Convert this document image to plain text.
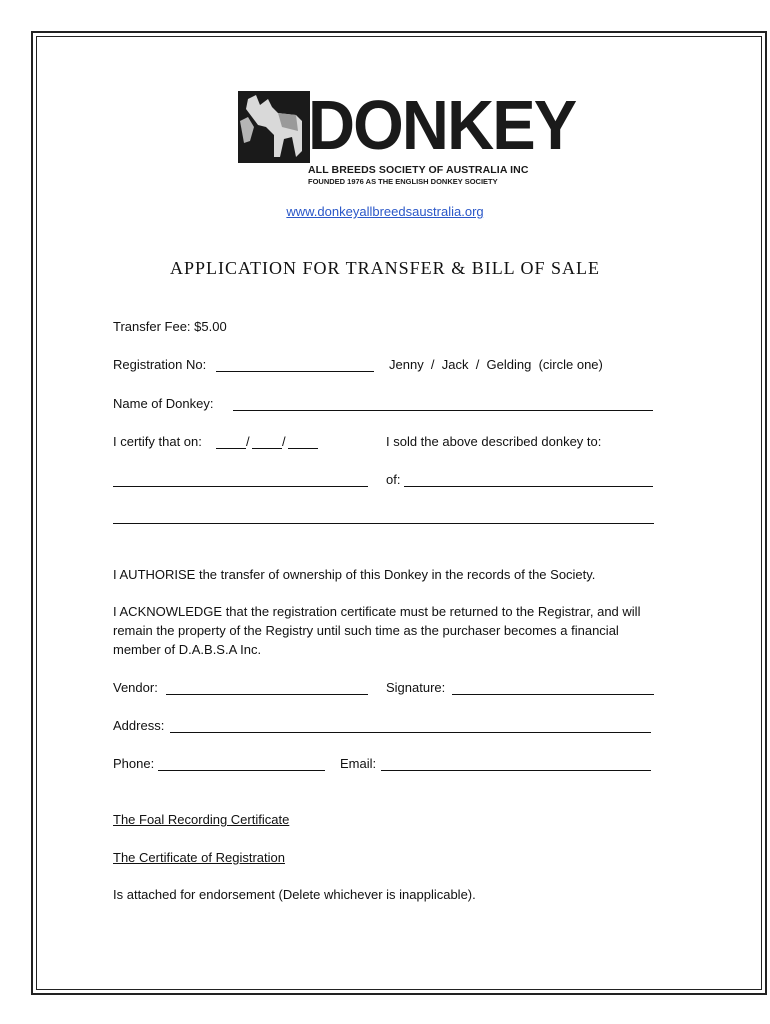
DONKEY
ALL BREEDS SOCIETY OF AUSTRALIA INC
FOUNDED 1976 AS THE ENGLISH DONKEY SOCIETY
www.donkeyallbreedsaustralia.org
APPLICATION FOR TRANSFER & BILL OF SALE
Transfer Fee: $5.00
Registration No:	Jenny  /  Jack  /  Gelding  (circle one)
Name of Donkey:
I certify that on:	/ /	I sold the above described donkey to:
of:
I AUTHORISE the transfer of ownership of this Donkey in the records of the Society.
I ACKNOWLEDGE that the registration certificate must be returned to the Registrar, and will remain the property of the Registry until such time as the purchaser becomes a financial member of D.A.B.S.A Inc.
Vendor:	Signature:
Address:
Phone:	Email:
The Foal Recording Certificate
The Certificate of Registration
Is attached for endorsement (Delete whichever is inapplicable).
